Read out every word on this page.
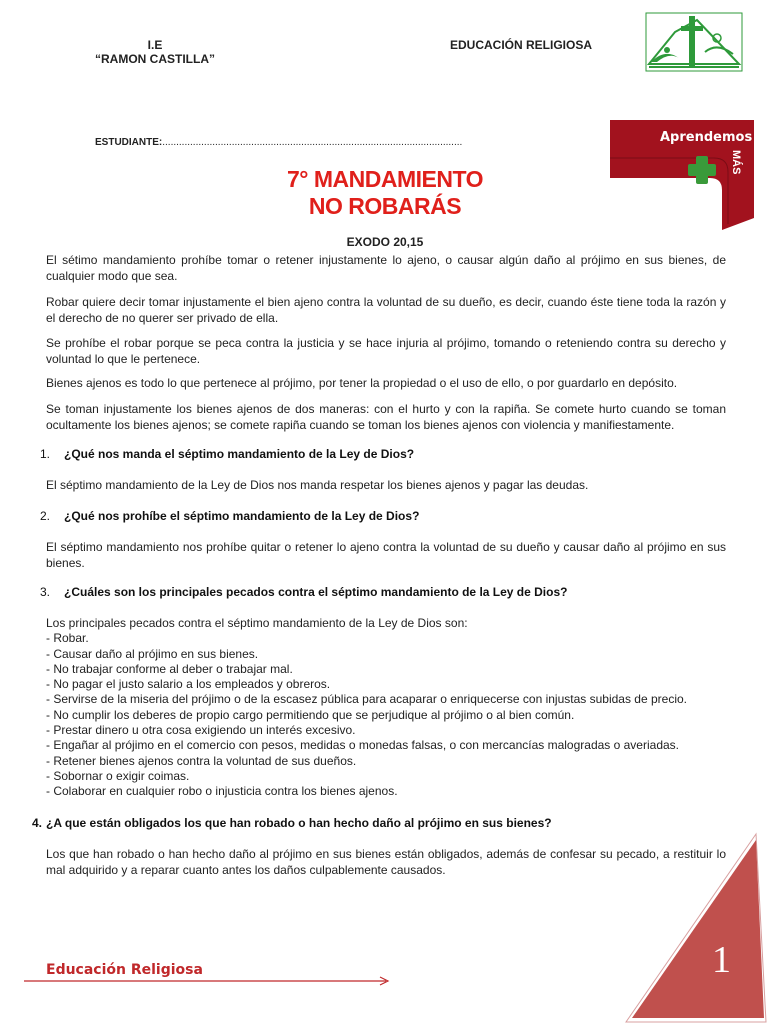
I.E
“RAMON CASTILLA”
EDUCACIÓN RELIGIOSA
ESTUDIANTE:............................................................................................................	Aprendemos
MÁS
7° MANDAMIENTO
NO ROBARÁS
EXODO 20,15
El sétimo mandamiento prohíbe tomar o retener injustamente lo ajeno, o causar algún daño al prójimo en sus bienes, de cualquier modo que sea.
Robar quiere decir tomar injustamente el bien ajeno contra la voluntad de su dueño, es decir, cuando éste tiene toda la razón y el derecho de no querer ser privado de ella.
Se prohíbe el robar porque se peca contra la justicia y se hace injuria al prójimo, tomando o reteniendo contra su derecho y voluntad lo que le pertenece.
Bienes ajenos es todo lo que pertenece al prójimo, por tener la propiedad o el uso de ello, o por guardarlo en depósito.
Se toman injustamente los bienes ajenos de dos maneras: con el hurto y con la rapiña. Se comete hurto cuando se toman ocultamente los bienes ajenos; se comete rapiña cuando se toman los bienes ajenos con violencia y manifiestamente.
1. ¿Qué nos manda el séptimo mandamiento de la Ley de Dios?
El séptimo mandamiento de la Ley de Dios nos manda respetar los bienes ajenos y pagar las deudas.
2. ¿Qué nos prohíbe el séptimo mandamiento de la Ley de Dios?
El séptimo mandamiento nos prohíbe quitar o retener lo ajeno contra la voluntad de su dueño y causar daño al prójimo en sus bienes.
3. ¿Cuáles son los principales pecados contra el séptimo mandamiento de la Ley de Dios?
Los principales pecados contra el séptimo mandamiento de la Ley de Dios son:
- Robar.
- Causar daño al prójimo en sus bienes.
- No trabajar conforme al deber o trabajar mal.
- No pagar el justo salario a los empleados y obreros.
- Servirse de la miseria del prójimo o de la escasez pública para acaparar o enriquecerse con injustas subidas de precio.
- No cumplir los deberes de propio cargo permitiendo que se perjudique al prójimo o al bien común.
- Prestar dinero u otra cosa exigiendo un interés excesivo.
- Engañar al prójimo en el comercio con pesos, medidas o monedas falsas, o con mercancías malogradas o averiadas.
- Retener bienes ajenos contra la voluntad de sus dueños.
- Sobornar o exigir coimas.
- Colaborar en cualquier robo o injusticia contra los bienes ajenos.
4. ¿A que están obligados los que han robado o han hecho daño al prójimo en sus bienes?
Los que han robado o han hecho daño al prójimo en sus bienes están obligados, además de confesar su pecado, a restituir lo mal adquirido y a reparar cuanto antes los daños culpablemente causados.
Educación Religiosa	1
